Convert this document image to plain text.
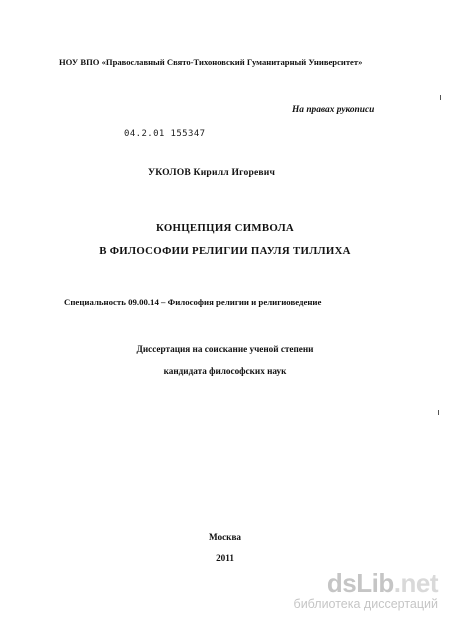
НОУ ВПО «Православный Свято-Тихоновский Гуманитарный Университет»
На правах рукописи
04.2.01 155347
УКОЛОВ Кирилл Игоревич
КОНЦЕПЦИЯ СИМВОЛА
В ФИЛОСОФИИ РЕЛИГИИ ПАУЛЯ ТИЛЛИХА
Специальность 09.00.14 – Философия религии и религиоведение
Диссертация на соискание ученой степени
кандидата философских наук
Москва
2011
dsLib.net
библиотека диссертаций
